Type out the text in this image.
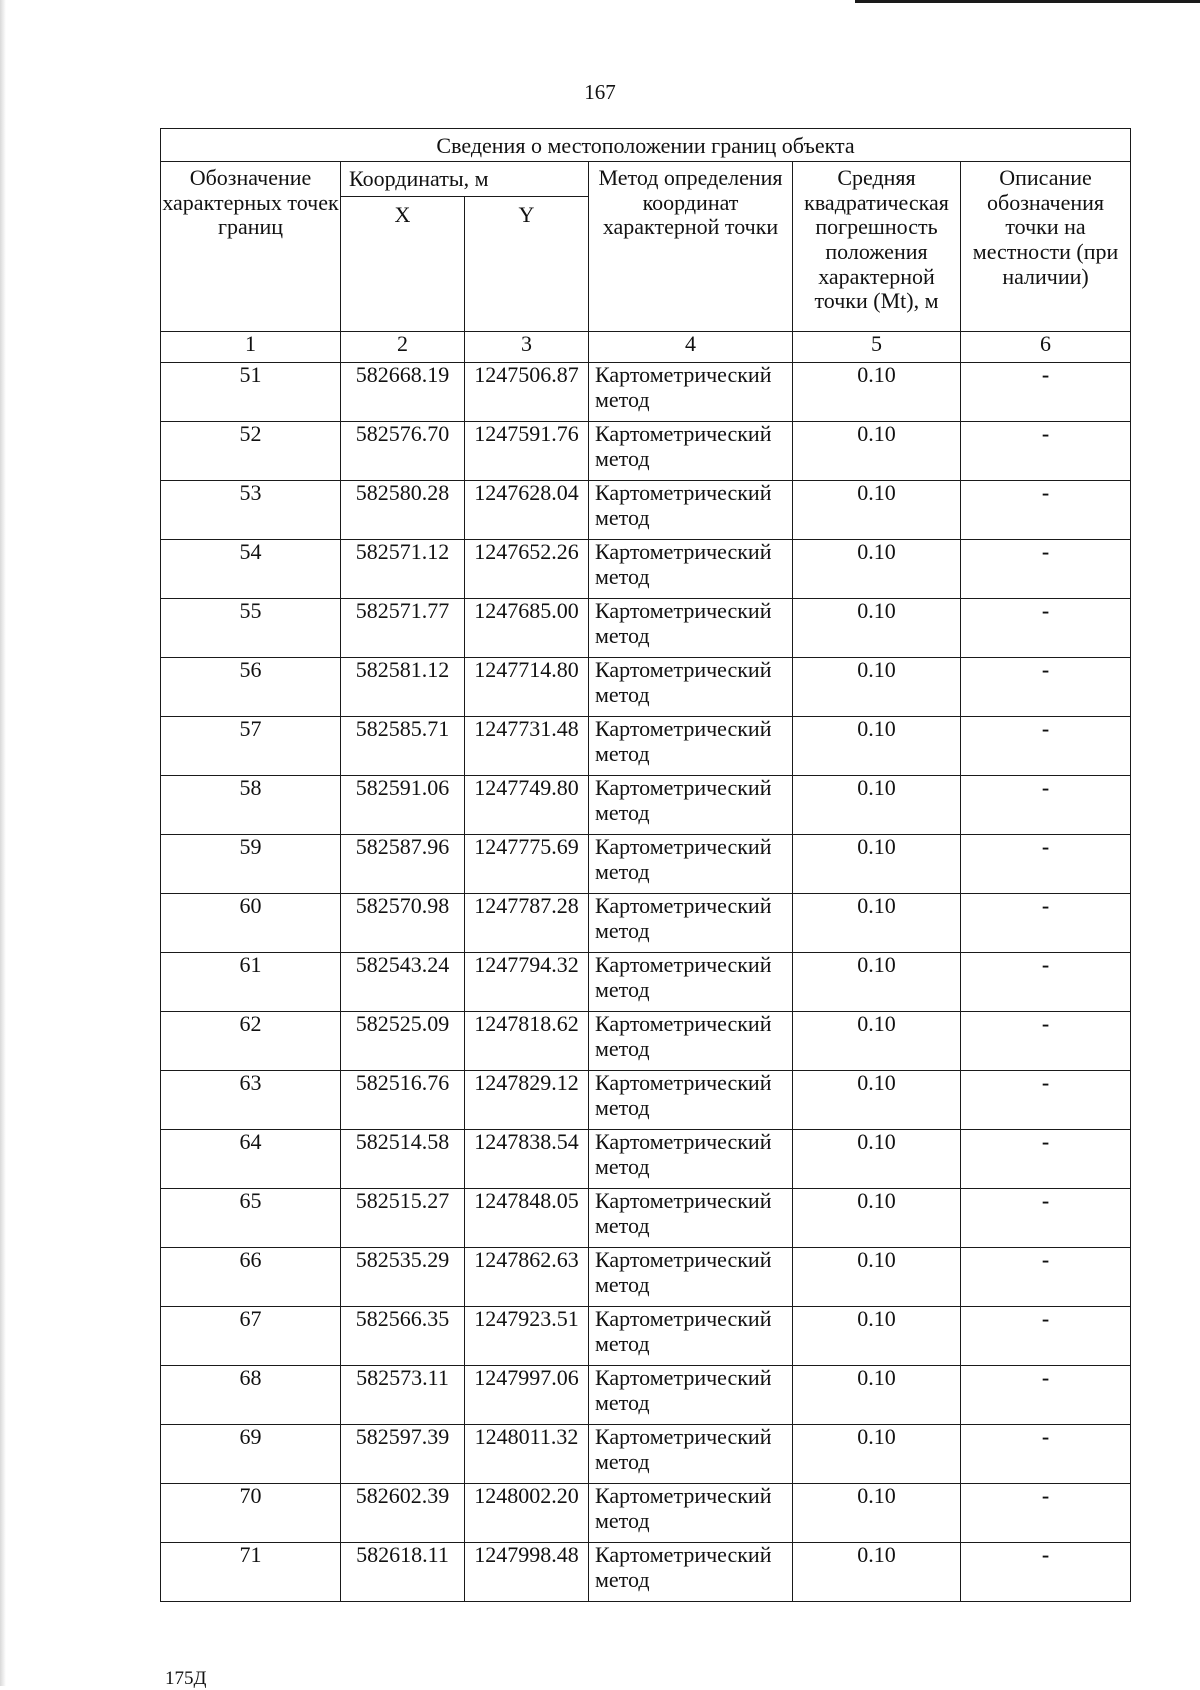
167
Сведения о местоположении границ объекта					
Обозначение характерных точек границ	Координаты, м		Метод определения координат характерной точки	Средняя квадратическая погрешность положения характерной точки (Mt), м	Описание обозначения точки на местности (при наличии)
	X	Y			
1	2	3	4	5	6
51	582668.19	1247506.87	Картометрический метод	0.10	-
52	582576.70	1247591.76	Картометрический метод	0.10	-
53	582580.28	1247628.04	Картометрический метод	0.10	-
54	582571.12	1247652.26	Картометрический метод	0.10	-
55	582571.77	1247685.00	Картометрический метод	0.10	-
56	582581.12	1247714.80	Картометрический метод	0.10	-
57	582585.71	1247731.48	Картометрический метод	0.10	-
58	582591.06	1247749.80	Картометрический метод	0.10	-
59	582587.96	1247775.69	Картометрический метод	0.10	-
60	582570.98	1247787.28	Картометрический метод	0.10	-
61	582543.24	1247794.32	Картометрический метод	0.10	-
62	582525.09	1247818.62	Картометрический метод	0.10	-
63	582516.76	1247829.12	Картометрический метод	0.10	-
64	582514.58	1247838.54	Картометрический метод	0.10	-
65	582515.27	1247848.05	Картометрический метод	0.10	-
66	582535.29	1247862.63	Картометрический метод	0.10	-
67	582566.35	1247923.51	Картометрический метод	0.10	-
68	582573.11	1247997.06	Картометрический метод	0.10	-
69	582597.39	1248011.32	Картометрический метод	0.10	-
70	582602.39	1248002.20	Картометрический метод	0.10	-
71	582618.11	1247998.48	Картометрический метод	0.10	-
175Д
